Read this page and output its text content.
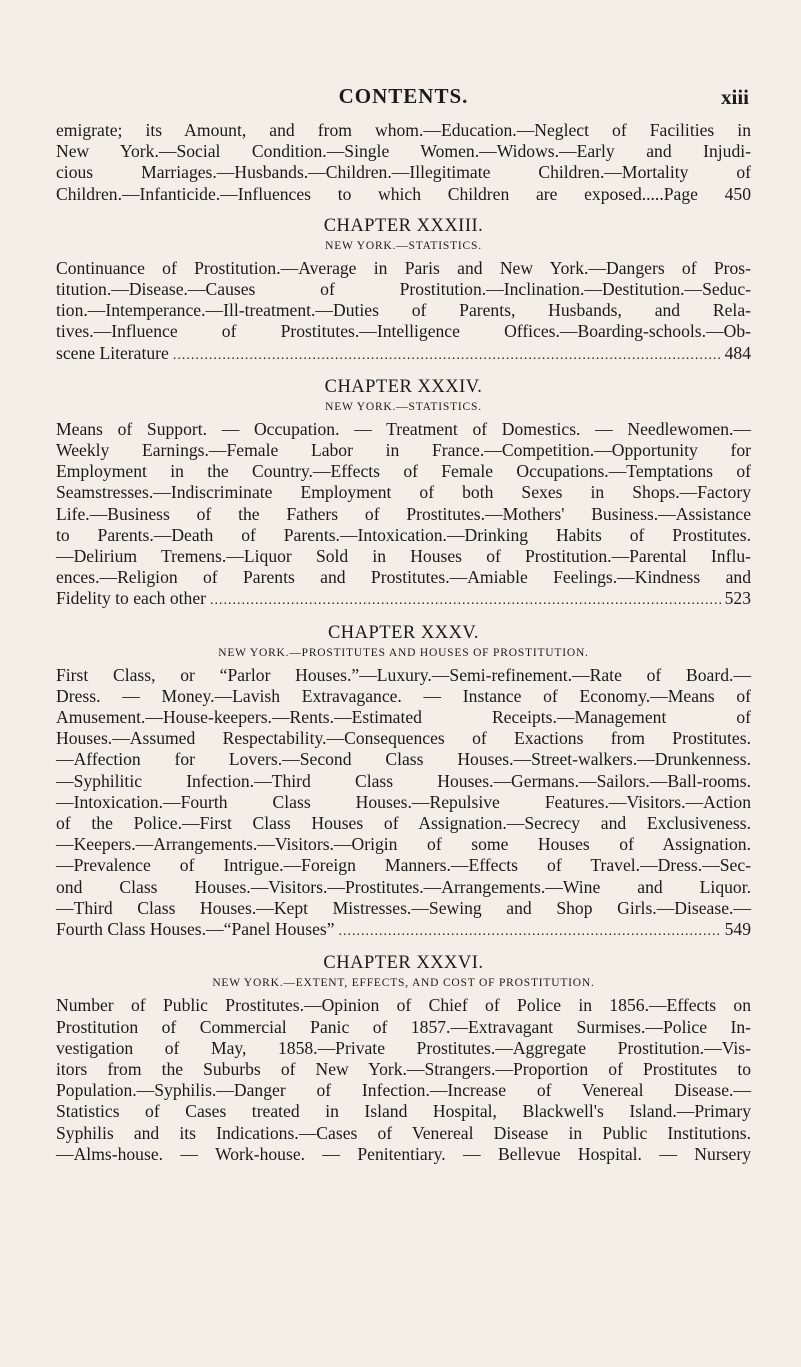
CONTENTS.	xiii

emigrate; its Amount, and from whom.—Education.—Neglect of Facilities in

New York.—Social Condition.—Single Women.—Widows.—Early and Injudi-

cious Marriages.—Husbands.—Children.—Illegitimate Children.—Mortality of

Children.—Infanticide.—Influences to which Children are exposed.....Page 450

CHAPTER XXXIII.
NEW YORK.—STATISTICS.

Continuance of Prostitution.—Average in Paris and New York.—Dangers of Pros-

titution.—Disease.—Causes of Prostitution.—Inclination.—Destitution.—Seduc-

tion.—Intemperance.—Ill-treatment.—Duties of Parents, Husbands, and Rela-

tives.—Influence of Prostitutes.—Intelligence Offices.—Boarding-schools.—Ob-

scene Literature .....	484
CHAPTER XXXIV.
NEW YORK.—STATISTICS.

Means of Support. — Occupation. — Treatment of Domestics. — Needlewomen.—

Weekly Earnings.—Female Labor in France.—Competition.—Opportunity for

Employment in the Country.—Effects of Female Occupations.—Temptations of

Seamstresses.—Indiscriminate Employment of both Sexes in Shops.—Factory

Life.—Business of the Fathers of Prostitutes.—Mothers' Business.—Assistance

to Parents.—Death of Parents.—Intoxication.—Drinking Habits of Prostitutes.

—Delirium Tremens.—Liquor Sold in Houses of Prostitution.—Parental Influ-

ences.—Religion of Parents and Prostitutes.—Amiable Feelings.—Kindness and

Fidelity to each other .....	523
CHAPTER XXXV.
NEW YORK.—PROSTITUTES AND HOUSES OF PROSTITUTION.

First Class, or “Parlor Houses.”—Luxury.—Semi-refinement.—Rate of Board.—

Dress. — Money.—Lavish Extravagance. — Instance of Economy.—Means of

Amusement.—House-keepers.—Rents.—Estimated Receipts.—Management of

Houses.—Assumed Respectability.—Consequences of Exactions from Prostitutes.

—Affection for Lovers.—Second Class Houses.—Street-walkers.—Drunkenness.

—Syphilitic Infection.—Third Class Houses.—Germans.—Sailors.—Ball-rooms.

—Intoxication.—Fourth Class Houses.—Repulsive Features.—Visitors.—Action

of the Police.—First Class Houses of Assignation.—Secrecy and Exclusiveness.

—Keepers.—Arrangements.—Visitors.—Origin of some Houses of Assignation.

—Prevalence of Intrigue.—Foreign Manners.—Effects of Travel.—Dress.—Sec-

ond Class Houses.—Visitors.—Prostitutes.—Arrangements.—Wine and Liquor.

—Third Class Houses.—Kept Mistresses.—Sewing and Shop Girls.—Disease.—

Fourth Class Houses.—“Panel Houses” .....	549
CHAPTER XXXVI.
NEW YORK.—EXTENT, EFFECTS, AND COST OF PROSTITUTION.

Number of Public Prostitutes.—Opinion of Chief of Police in 1856.—Effects on

Prostitution of Commercial Panic of 1857.—Extravagant Surmises.—Police In-

vestigation of May, 1858.—Private Prostitutes.—Aggregate Prostitution.—Vis-

itors from the Suburbs of New York.—Strangers.—Proportion of Prostitutes to

Population.—Syphilis.—Danger of Infection.—Increase of Venereal Disease.—

Statistics of Cases treated in Island Hospital, Blackwell's Island.—Primary

Syphilis and its Indications.—Cases of Venereal Disease in Public Institutions.

—Alms-house. — Work-house. — Penitentiary. — Bellevue Hospital. — Nursery
